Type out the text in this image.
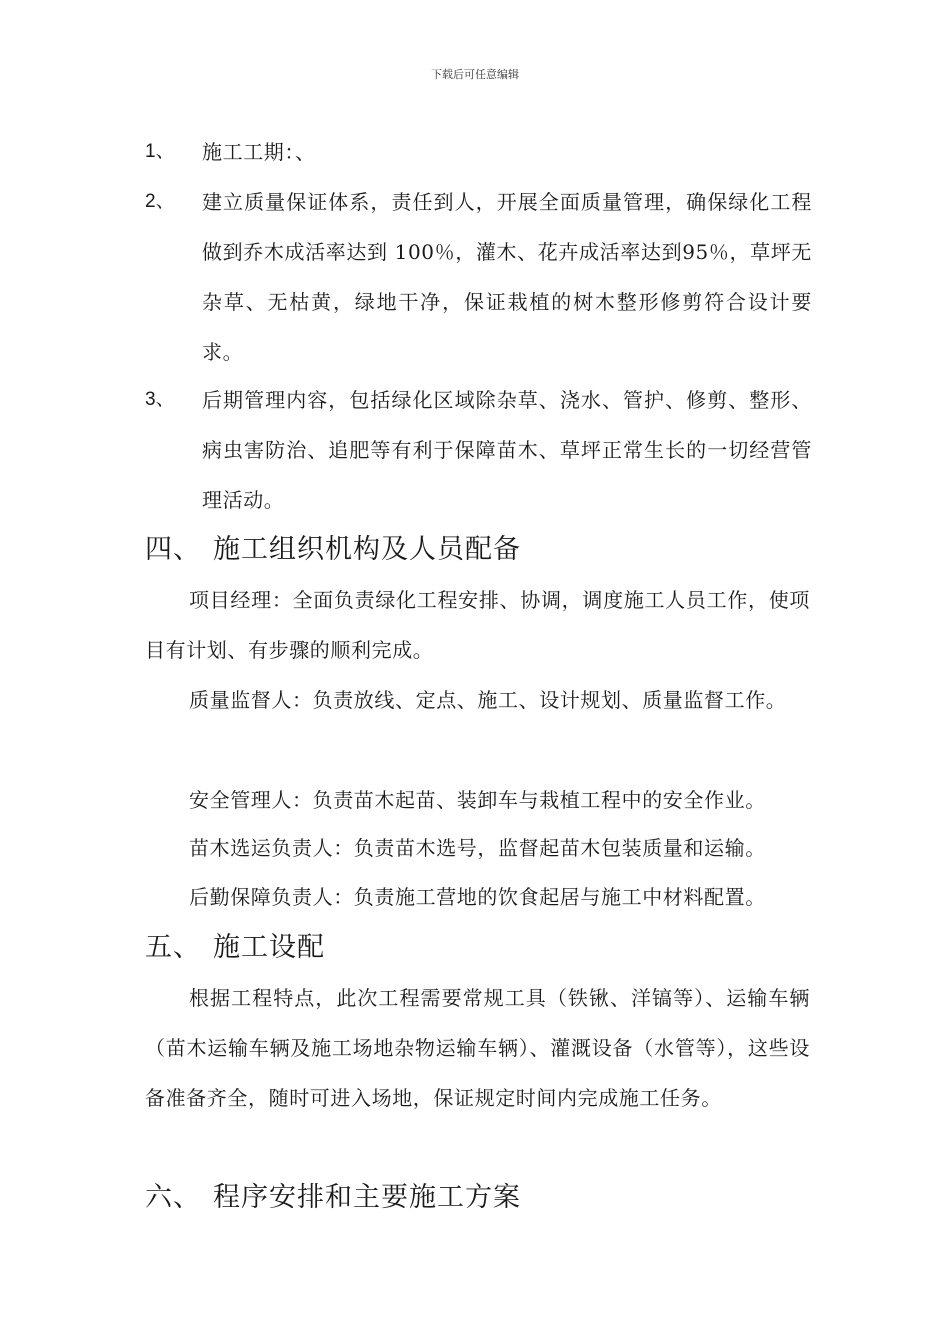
下载后可任意编辑
1、 施工工期：、
2、 建立质量保证体系，责任到人，开展全面质量管理，确保绿化工程做到乔木成活率达到 100％，灌木、花卉成活率达到95％，草坪无杂草、无枯黄，绿地干净，保证栽植的树木整形修剪符合设计要求。
3、 后期管理内容，包括绿化区域除杂草、浇水、管护、修剪、整形、病虫害防治、追肥等有利于保障苗木、草坪正常生长的一切经营管理活动。
四、 施工组织机构及人员配备
项目经理：全面负责绿化工程安排、协调，调度施工人员工作，使项目有计划、有步骤的顺利完成。
质量监督人：负责放线、定点、施工、设计规划、质量监督工作。
安全管理人：负责苗木起苗、装卸车与栽植工程中的安全作业。
苗木选运负责人：负责苗木选号，监督起苗木包装质量和运输。
后勤保障负责人：负责施工营地的饮食起居与施工中材料配置。
五、 施工设配
根据工程特点，此次工程需要常规工具（铁锹、洋镐等）、运输车辆（苗木运输车辆及施工场地杂物运输车辆）、灌溉设备（水管等），这些设备准备齐全，随时可进入场地，保证规定时间内完成施工任务。
六、 程序安排和主要施工方案
